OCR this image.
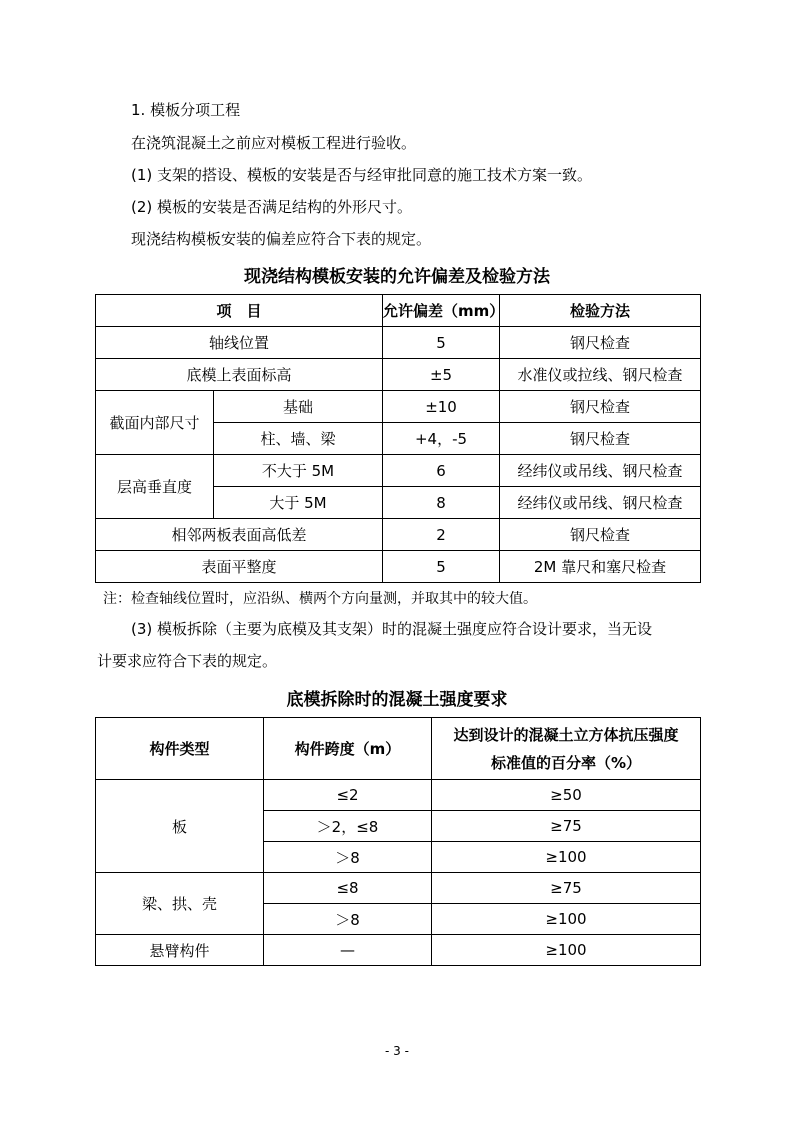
1. 模板分项工程
在浇筑混凝土之前应对模板工程进行验收。
(1) 支架的搭设、模板的安装是否与经审批同意的施工技术方案一致。
(2) 模板的安装是否满足结构的外形尺寸。
现浇结构模板安装的偏差应符合下表的规定。
现浇结构模板安装的允许偏差及检验方法
项　目		允许偏差（mm）	检验方法
轴线位置		5	钢尺检查
底模上表面标高		±5	水准仪或拉线、钢尺检查
截面内部尺寸	基础	±10	钢尺检查
	柱、墙、梁	+4，-5	钢尺检查
层高垂直度	不大于 5M	6	经纬仪或吊线、钢尺检查
	大于 5M	8	经纬仪或吊线、钢尺检查
相邻两板表面高低差		2	钢尺检查
表面平整度		5	2M 靠尺和塞尺检查
注：检查轴线位置时，应沿纵、横两个方向量测，并取其中的较大值。
(3) 模板拆除（主要为底模及其支架）时的混凝土强度应符合设计要求，当无设
计要求应符合下表的规定。
底模拆除时的混凝土强度要求
构件类型	构件跨度（m）	达到设计的混凝土立方体抗压强度
标准值的百分率（%）

板	≤2	≥50
	＞2，≤8	≥75
	＞8	≥100
梁、拱、壳	≤8	≥75
	＞8	≥100
悬臂构件	—	≥100
- 3 -
